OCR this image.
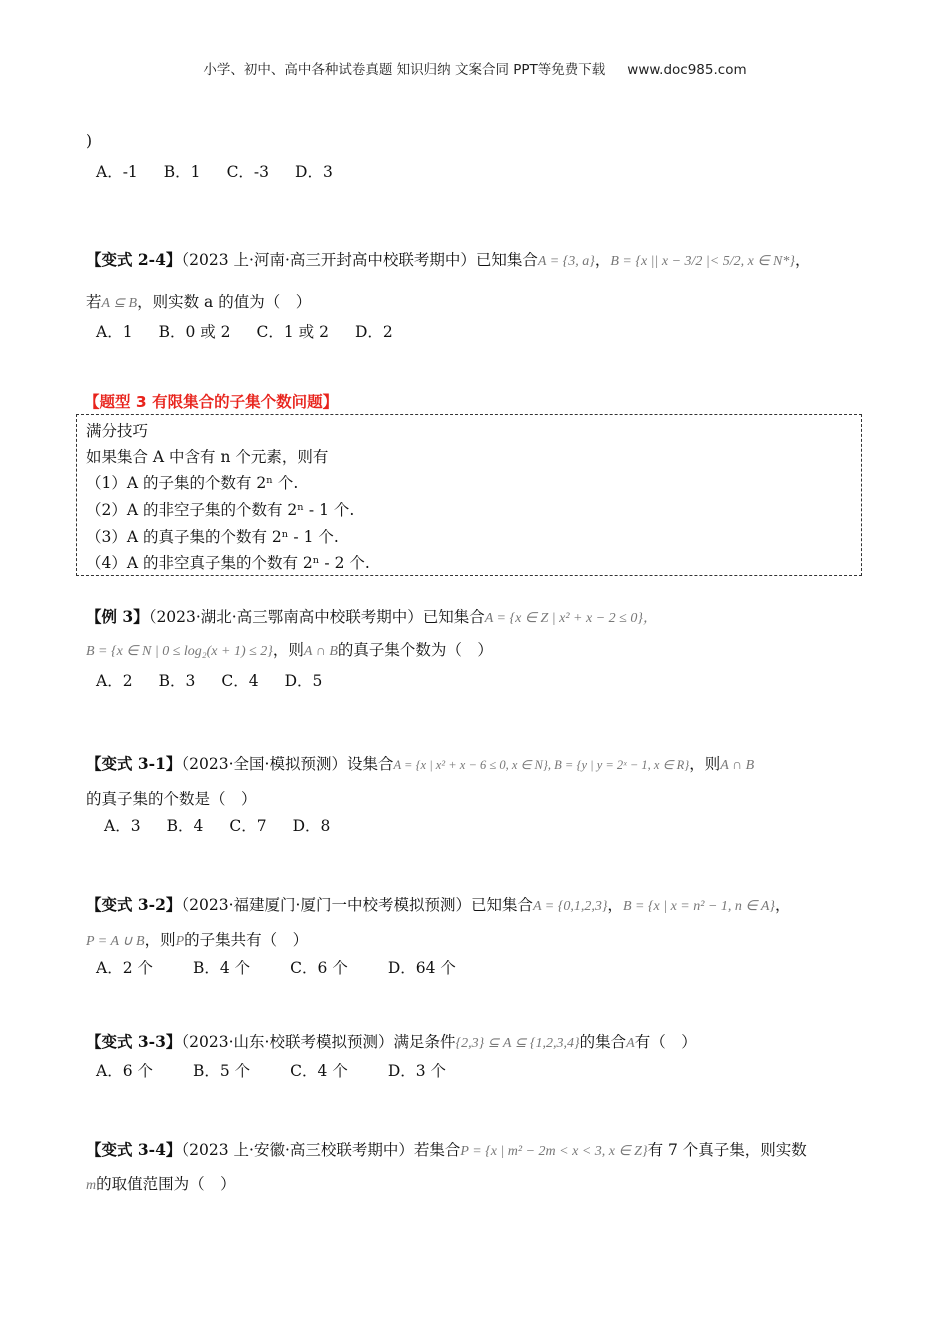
小学、初中、高中各种试卷真题 知识归纳 文案合同 PPT等免费下载 www.doc985.com
)
A．-1 B．1 C．-3 D．3
【变式 2-4】（2023 上·河南·高三开封高中校联考期中）已知集合A = {3, a}，B = {x || x − 3/2 |< 5/2, x ∈ N*}，
若A ⊆ B，则实数 a 的值为（　）
A．1 B．0 或 2 C．1 或 2 D．2
【题型 3 有限集合的子集个数问题】
满分技巧
如果集合 A 中含有 n 个元素，则有
（1）A 的子集的个数有 2ⁿ 个.
（2）A 的非空子集的个数有 2ⁿ - 1 个.
（3）A 的真子集的个数有 2ⁿ - 1 个.
（4）A 的非空真子集的个数有 2ⁿ - 2 个.
【例 3】（2023·湖北·高三鄂南高中校联考期中）已知集合A = {x ∈ Z | x² + x − 2 ≤ 0}，
B = {x ∈ N | 0 ≤ log₂(x + 1) ≤ 2}，则A ∩ B的真子集个数为（　）
A．2 B．3 C．4 D．5
【变式 3-1】（2023·全国·模拟预测）设集合A = {x | x² + x − 6 ≤ 0, x ∈ N}, B = {y | y = 2ˣ − 1, x ∈ R}，则A ∩ B
的真子集的个数是（　）
A．3 B．4 C．7 D．8
【变式 3-2】（2023·福建厦门·厦门一中校考模拟预测）已知集合A = {0,1,2,3}，B = {x | x = n² − 1, n ∈ A}，
P = A ∪ B，则P的子集共有（　）
A．2 个	B．4 个	C．6 个	D．64 个
【变式 3-3】（2023·山东·校联考模拟预测）满足条件{2,3} ⊆ A ⊆ {1,2,3,4}的集合A有（　）
A．6 个	B．5 个	C．4 个	D．3 个
【变式 3-4】（2023 上·安徽·高三校联考期中）若集合P = {x | m² − 2m < x < 3, x ∈ Z}有 7 个真子集，则实数
m的取值范围为（　）
